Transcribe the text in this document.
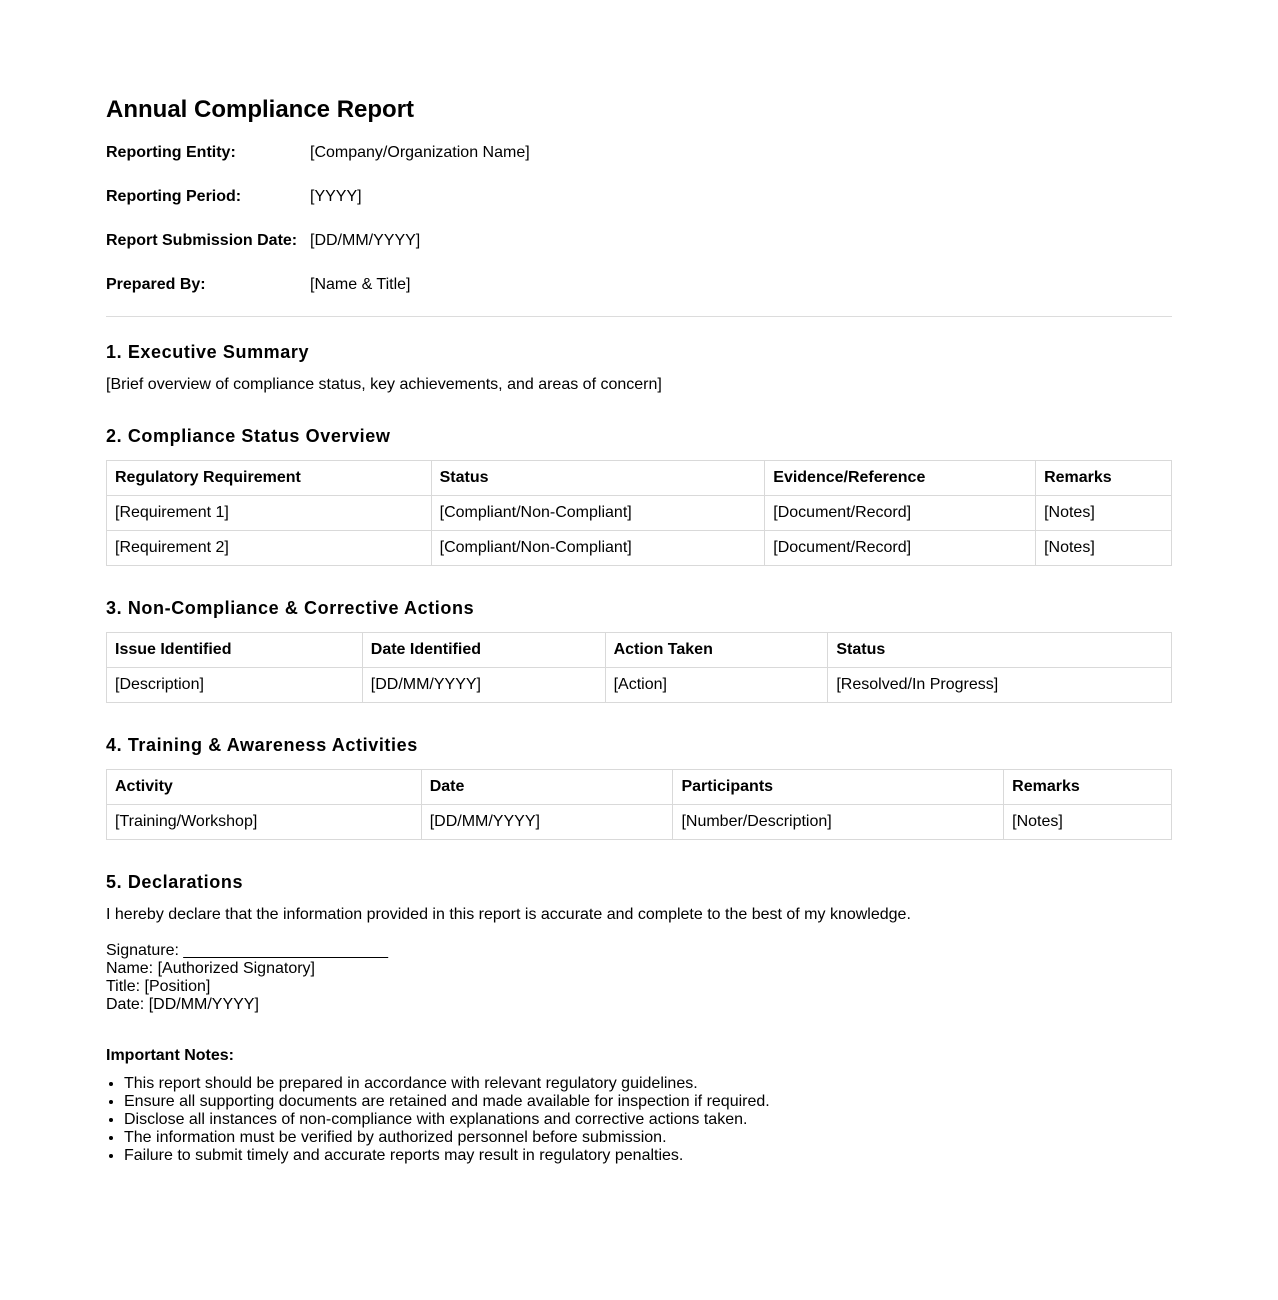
Annual Compliance Report
Reporting Entity:	[Company/Organization Name]
Reporting Period:	[YYYY]
Report Submission Date: [DD/MM/YYYY]
Prepared By:	[Name & Title]
1. Executive Summary

[Brief overview of compliance status, key achievements, and areas of concern]

2. Compliance Status Overview
Regulatory Requirement	Status	Evidence/Reference	Remarks
[Requirement 1]	[Compliant/Non-Compliant]	[Document/Record]	[Notes]
[Requirement 2]	[Compliant/Non-Compliant]	[Document/Record]	[Notes]
3. Non-Compliance & Corrective Actions
Issue Identified	Date Identified	Action Taken	Status
[Description]	[DD/MM/YYYY]	[Action]	[Resolved/In Progress]
4. Training & Awareness Activities
Activity	Date	Participants	Remarks
[Training/Workshop]	[DD/MM/YYYY]	[Number/Description]	[Notes]
5. Declarations

I hereby declare that the information provided in this report is accurate and complete to the best of my knowledge.

Signature: _______________________
Name: [Authorized Signatory]
Title: [Position]
Date: [DD/MM/YYYY]
Important Notes:
• This report should be prepared in accordance with relevant regulatory guidelines.
• Ensure all supporting documents are retained and made available for inspection if required.
• Disclose all instances of non-compliance with explanations and corrective actions taken.
• The information must be verified by authorized personnel before submission.
• Failure to submit timely and accurate reports may result in regulatory penalties.
